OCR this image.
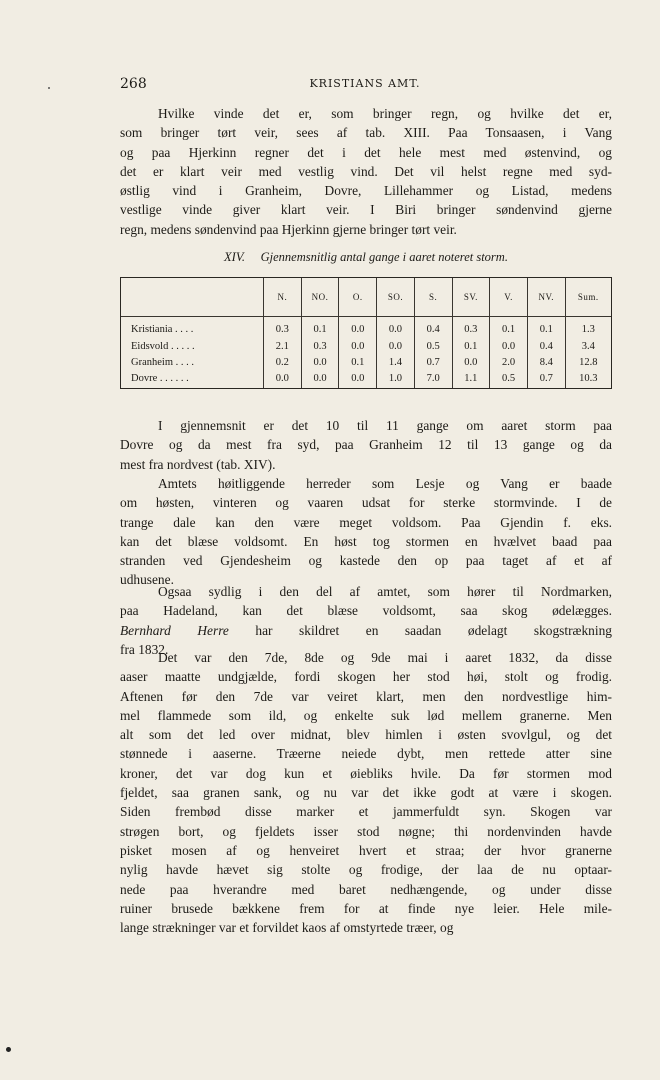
268	KRISTIANS AMT.

Hvilke vinde det er, som bringer regn, og hvilke det er,
som bringer tørt veir, sees af tab. XIII. Paa Tonsaasen, i Vang
og paa Hjerkinn regner det i det hele mest med østenvind, og
det er klart veir med vestlig vind. Det vil helst regne med syd-
østlig vind i Granheim, Dovre, Lillehammer og Listad, medens
vestlige vinde giver klart veir. I Biri bringer søndenvind gjerne
regn, medens søndenvind paa Hjerkinn gjerne bringer tørt veir.

XIV. Gjennemsnitlig antal gange i aaret noteret storm.
	N.	NO.	O.	SO.	S.	SV.	V.	NV.	Sum.
Kristiania . . . .	0.3	0.1	0.0	0.0	0.4	0.3	0.1	0.1	1.3
Eidsvold . . . . .	2.1	0.3	0.0	0.0	0.5	0.1	0.0	0.4	3.4
Granheim . . . .	0.2	0.0	0.1	1.4	0.7	0.0	2.0	8.4	12.8
Dovre . . . . . .	0.0	0.0	0.0	1.0	7.0	1.1	0.5	0.7	10.3

I gjennemsnit er det 10 til 11 gange om aaret storm paa
Dovre og da mest fra syd, paa Granheim 12 til 13 gange og da
mest fra nordvest (tab. XIV).

Amtets høitliggende herreder som Lesje og Vang er baade
om høsten, vinteren og vaaren udsat for sterke stormvinde. I de
trange dale kan den være meget voldsom. Paa Gjendin f. eks.
kan det blæse voldsomt. En høst tog stormen en hvælvet baad paa
stranden ved Gjendesheim og kastede den op paa taget af et af
udhusene.

Ogsaa sydlig i den del af amtet, som hører til Nordmarken,
paa Hadeland, kan det blæse voldsomt, saa skog ødelægges.
Bernhard Herre har skildret en saadan ødelagt skogstrækning
fra 1832.

Det var den 7de, 8de og 9de mai i aaret 1832, da disse
aaser maatte undgjælde, fordi skogen her stod høi, stolt og frodig.
Aftenen før den 7de var veiret klart, men den nordvestlige him-
mel flammede som ild, og enkelte suk lød mellem granerne. Men
alt som det led over midnat, blev himlen i østen svovlgul, og det
stønnede i aaserne. Træerne neiede dybt, men rettede atter sine
kroner, det var dog kun et øiebliks hvile. Da før stormen mod
fjeldet, saa granen sank, og nu var det ikke godt at være i skogen.
Siden frembød disse marker et jammerfuldt syn. Skogen var
strøgen bort, og fjeldets isser stod nøgne; thi nordenvinden havde
pisket mosen af og henveiret hvert et straa; der hvor granerne
nylig havde hævet sig stolte og frodige, der laa de nu optaar-
nede paa hverandre med baret nedhængende, og under disse
ruiner brusede bækkene frem for at finde nye leier. Hele mile-
lange strækninger var et forvildet kaos af omstyrtede træer, og
